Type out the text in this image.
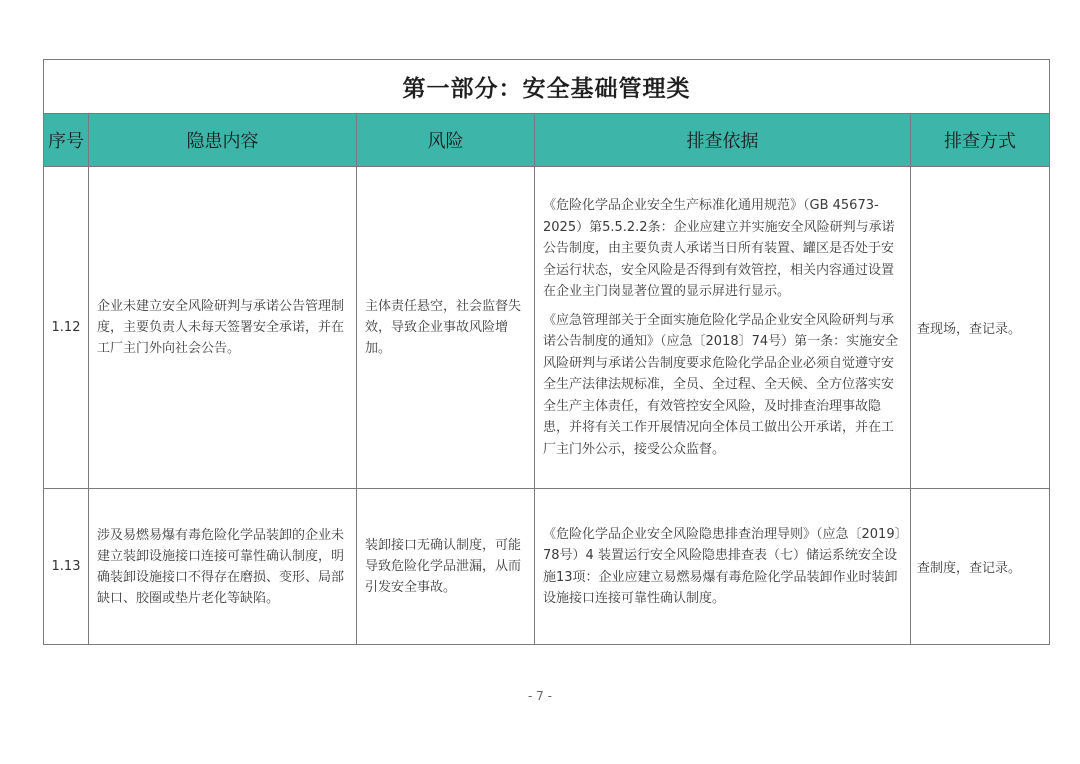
第一部分：安全基础管理类				
序号	隐患内容	风险	排查依据	排查方式
1.12	企业未建立安全风险研判与承诺公告管理制度，主要负责人未每天签署安全承诺，并在工厂主门外向社会公告。	主体责任悬空，社会监督失效，导致企业事故风险增加。	《危险化学品企业安全生产标准化通用规范》（GB 45673-2025）第5.5.2.2条：企业应建立并实施安全风险研判与承诺公告制度，由主要负责人承诺当日所有装置、罐区是否处于安全运行状态，安全风险是否得到有效管控，相关内容通过设置在企业主门岗显著位置的显示屏进行显示。

《应急管理部关于全面实施危险化学品企业安全风险研判与承诺公告制度的通知》（应急〔2018〕74号）第一条：实施安全风险研判与承诺公告制度要求危险化学品企业必须自觉遵守安全生产法律法规标准，全员、全过程、全天候、全方位落实安全生产主体责任，有效管控安全风险，及时排查治理事故隐患，并将有关工作开展情况向全体员工做出公开承诺，并在工厂主门外公示，接受公众监督。	查现场，查记录。
1.13	涉及易燃易爆有毒危险化学品装卸的企业未建立装卸设施接口连接可靠性确认制度，明确装卸设施接口不得存在磨损、变形、局部缺口、胶圈或垫片老化等缺陷。	装卸接口无确认制度，可能导致危险化学品泄漏，从而引发安全事故。	《危险化学品企业安全风险隐患排查治理导则》（应急〔2019〕78号）4 装置运行安全风险隐患排查表（七）储运系统安全设施13项：企业应建立易燃易爆有毒危险化学品装卸作业时装卸设施接口连接可靠性确认制度。	查制度，查记录。
- 7 -
